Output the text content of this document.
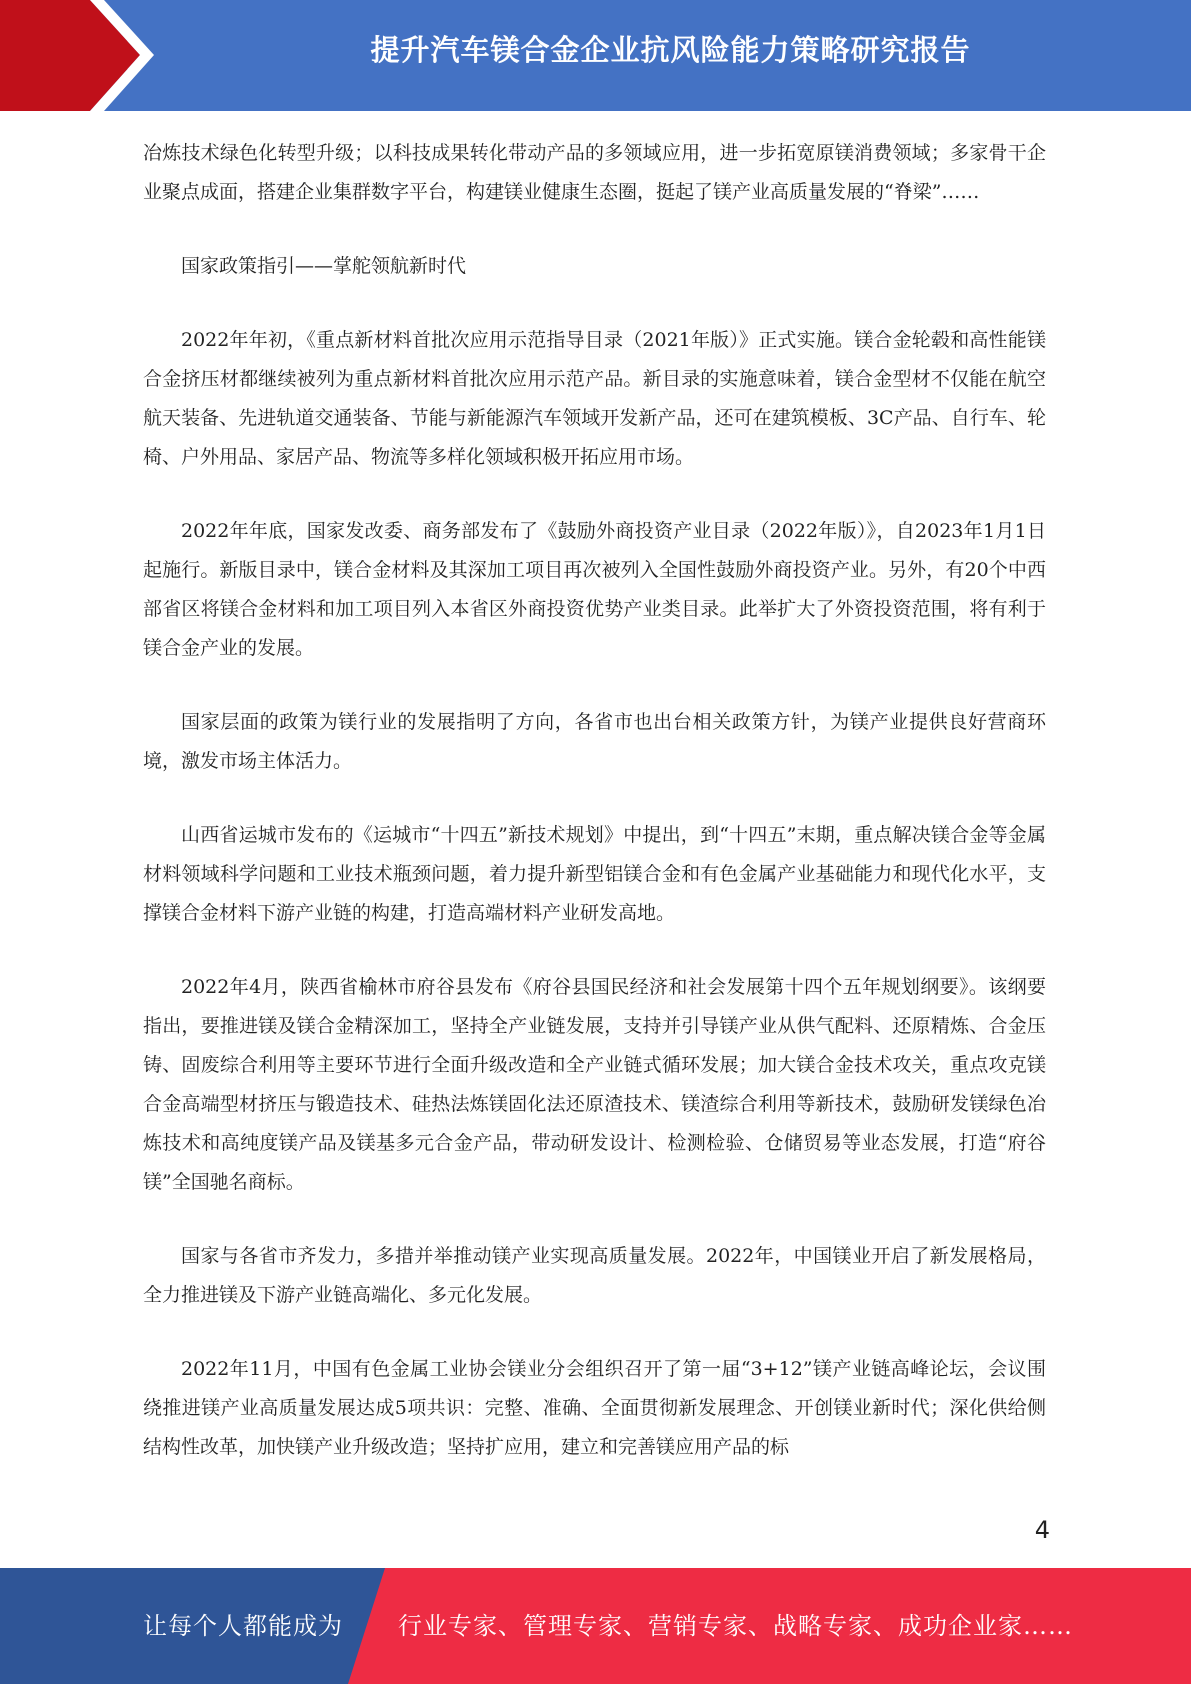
提升汽车镁合金企业抗风险能力策略研究报告

冶炼技术绿色化转型升级；以科技成果转化带动产品的多领域应用，进一步拓宽原镁消费领域；多家骨干企业聚点成面，搭建企业集群数字平台，构建镁业健康生态圈，挺起了镁产业高质量发展的“脊梁”……

国家政策指引——掌舵领航新时代

2022年年初，《重点新材料首批次应用示范指导目录（2021年版）》正式实施。镁合金轮毂和高性能镁合金挤压材都继续被列为重点新材料首批次应用示范产品。新目录的实施意味着，镁合金型材不仅能在航空航天装备、先进轨道交通装备、节能与新能源汽车领域开发新产品，还可在建筑模板、3C产品、自行车、轮椅、户外用品、家居产品、物流等多样化领域积极开拓应用市场。

2022年年底，国家发改委、商务部发布了《鼓励外商投资产业目录（2022年版）》，自2023年1月1日起施行。新版目录中，镁合金材料及其深加工项目再次被列入全国性鼓励外商投资产业。另外，有20个中西部省区将镁合金材料和加工项目列入本省区外商投资优势产业类目录。此举扩大了外资投资范围，将有利于镁合金产业的发展。

国家层面的政策为镁行业的发展指明了方向，各省市也出台相关政策方针，为镁产业提供良好营商环境，激发市场主体活力。

山西省运城市发布的《运城市“十四五”新技术规划》中提出，到“十四五”末期，重点解决镁合金等金属材料领域科学问题和工业技术瓶颈问题，着力提升新型铝镁合金和有色金属产业基础能力和现代化水平，支撑镁合金材料下游产业链的构建，打造高端材料产业研发高地。

2022年4月，陕西省榆林市府谷县发布《府谷县国民经济和社会发展第十四个五年规划纲要》。该纲要指出，要推进镁及镁合金精深加工，坚持全产业链发展，支持并引导镁产业从供气配料、还原精炼、合金压铸、固废综合利用等主要环节进行全面升级改造和全产业链式循环发展；加大镁合金技术攻关，重点攻克镁合金高端型材挤压与锻造技术、硅热法炼镁固化法还原渣技术、镁渣综合利用等新技术，鼓励研发镁绿色冶炼技术和高纯度镁产品及镁基多元合金产品，带动研发设计、检测检验、仓储贸易等业态发展，打造“府谷镁”全国驰名商标。

国家与各省市齐发力，多措并举推动镁产业实现高质量发展。2022年，中国镁业开启了新发展格局，全力推进镁及下游产业链高端化、多元化发展。

2022年11月，中国有色金属工业协会镁业分会组织召开了第一届“3+12”镁产业链高峰论坛，会议围绕推进镁产业高质量发展达成5项共识：完整、准确、全面贯彻新发展理念、开创镁业新时代；深化供给侧结构性改革，加快镁产业升级改造；坚持扩应用，建立和完善镁应用产品的标

4
让每个人都能成为 行业专家、管理专家、营销专家、战略专家、成功企业家……
